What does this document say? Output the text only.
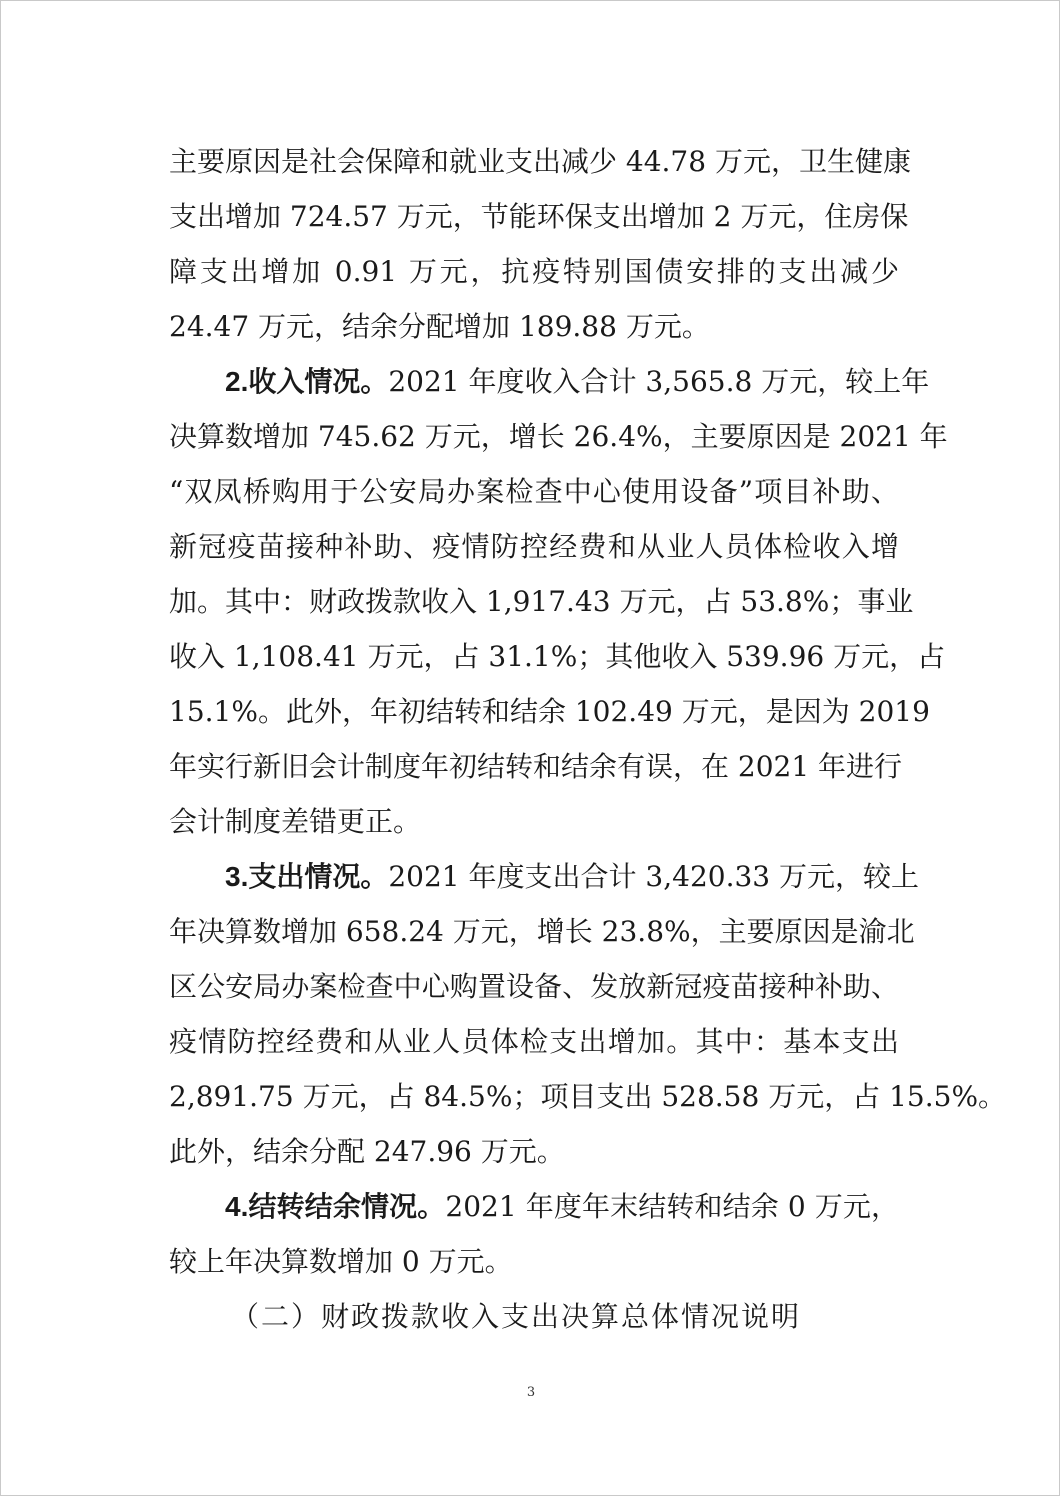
主要原因是社会保障和就业支出减少 44.78 万元，卫生健康
支出增加 724.57 万元，节能环保支出增加 2 万元，住房保
障支出增加 0.91 万元，抗疫特别国债安排的支出减少
24.47 万元，结余分配增加 189.88 万元。
2.收入情况。2021 年度收入合计 3,565.8 万元，较上年
决算数增加 745.62 万元，增长 26.4%，主要原因是 2021 年
“双凤桥购用于公安局办案检查中心使用设备”项目补助、
新冠疫苗接种补助、疫情防控经费和从业人员体检收入增
加。其中：财政拨款收入 1,917.43 万元，占 53.8%；事业
收入 1,108.41 万元，占 31.1%；其他收入 539.96 万元，占
15.1%。此外，年初结转和结余 102.49 万元，是因为 2019
年实行新旧会计制度年初结转和结余有误，在 2021 年进行
会计制度差错更正。
3.支出情况。2021 年度支出合计 3,420.33 万元，较上
年决算数增加 658.24 万元，增长 23.8%，主要原因是渝北
区公安局办案检查中心购置设备、发放新冠疫苗接种补助、
疫情防控经费和从业人员体检支出增加。其中：基本支出
2,891.75 万元，占 84.5%；项目支出 528.58 万元，占 15.5%。
此外，结余分配 247.96 万元。
4.结转结余情况。2021 年度年末结转和结余 0 万元，
较上年决算数增加 0 万元。
（二）财政拨款收入支出决算总体情况说明
3
